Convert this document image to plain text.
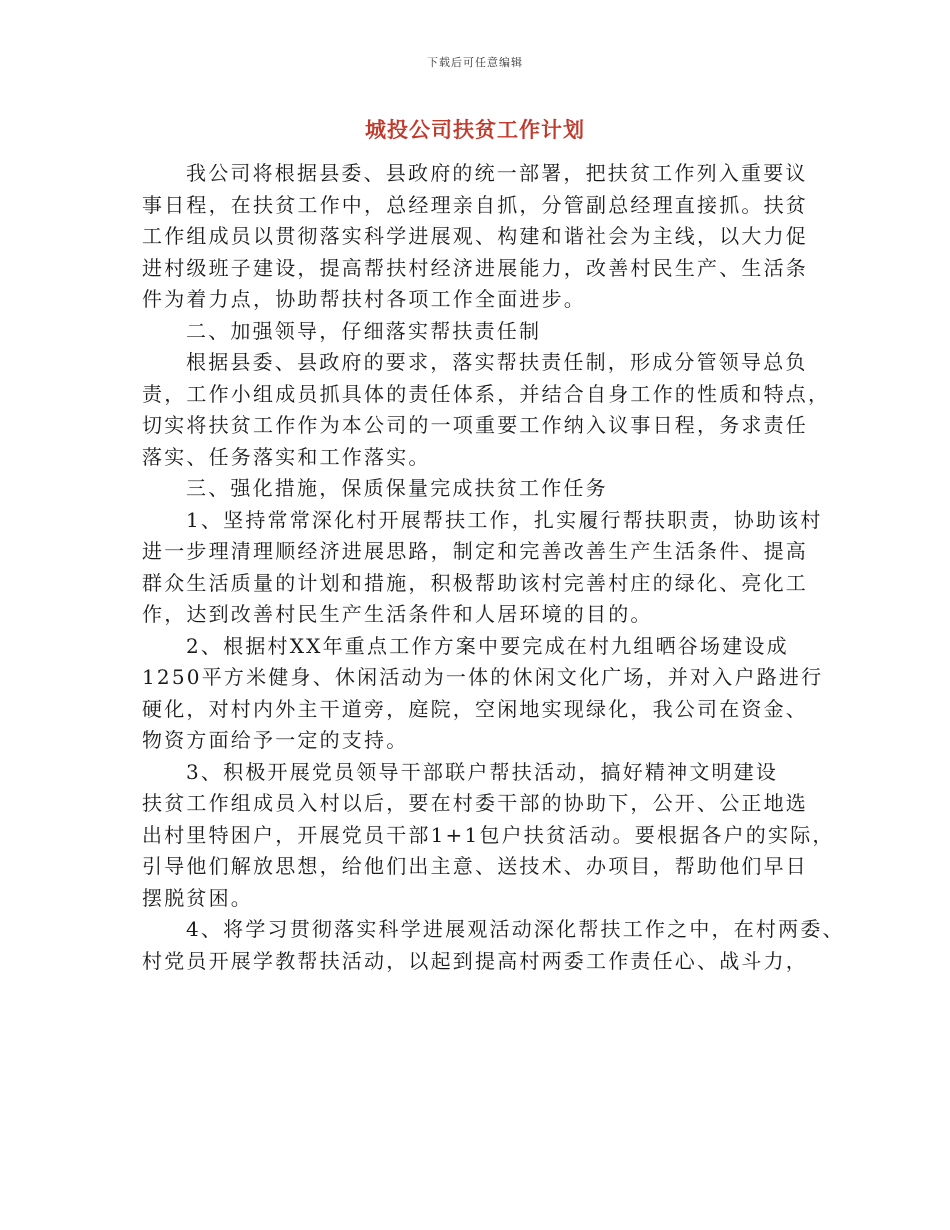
下载后可任意编辑
城投公司扶贫工作计划
我公司将根据县委、县政府的统一部署，把扶贫工作列入重要议
事日程，在扶贫工作中，总经理亲自抓，分管副总经理直接抓。扶贫
工作组成员以贯彻落实科学进展观、构建和谐社会为主线，以大力促
进村级班子建设，提高帮扶村经济进展能力，改善村民生产、生活条
件为着力点，协助帮扶村各项工作全面进步。
二、加强领导，仔细落实帮扶责任制
根据县委、县政府的要求，落实帮扶责任制，形成分管领导总负
责，工作小组成员抓具体的责任体系，并结合自身工作的性质和特点，
切实将扶贫工作作为本公司的一项重要工作纳入议事日程，务求责任
落实、任务落实和工作落实。
三、强化措施，保质保量完成扶贫工作任务
1、坚持常常深化村开展帮扶工作，扎实履行帮扶职责，协助该村
进一步理清理顺经济进展思路，制定和完善改善生产生活条件、提高
群众生活质量的计划和措施，积极帮助该村完善村庄的绿化、亮化工
作，达到改善村民生产生活条件和人居环境的目的。
2、根据村XX年重点工作方案中要完成在村九组晒谷场建设成
1250平方米健身、休闲活动为一体的休闲文化广场，并对入户路进行
硬化，对村内外主干道旁，庭院，空闲地实现绿化，我公司在资金、
物资方面给予一定的支持。
3、积极开展党员领导干部联户帮扶活动，搞好精神文明建设
扶贫工作组成员入村以后，要在村委干部的协助下，公开、公正地选
出村里特困户，开展党员干部1+1包户扶贫活动。要根据各户的实际，
引导他们解放思想，给他们出主意、送技术、办项目，帮助他们早日
摆脱贫困。
4、将学习贯彻落实科学进展观活动深化帮扶工作之中，在村两委、
村党员开展学教帮扶活动，以起到提高村两委工作责任心、战斗力，
